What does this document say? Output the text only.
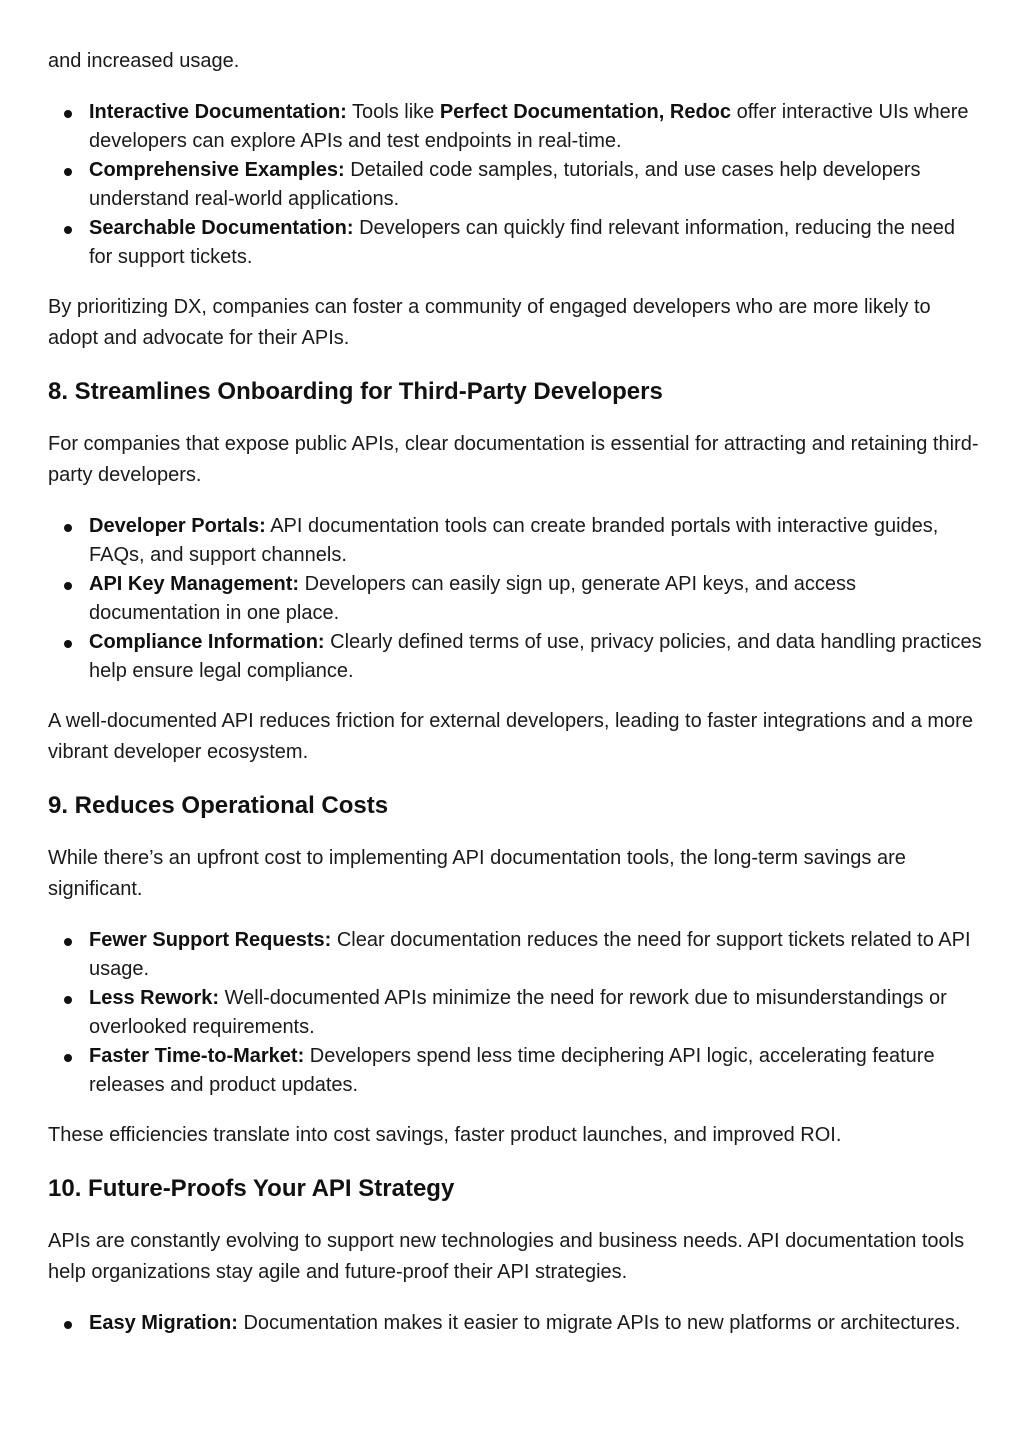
and increased usage.

Interactive Documentation: Tools like Perfect Documentation, Redoc offer interactive UIs where developers can explore APIs and test endpoints in real-time.
Comprehensive Examples: Detailed code samples, tutorials, and use cases help developers understand real-world applications.
Searchable Documentation: Developers can quickly find relevant information, reducing the need for support tickets.

By prioritizing DX, companies can foster a community of engaged developers who are more likely to adopt and advocate for their APIs.

8. Streamlines Onboarding for Third-Party Developers

For companies that expose public APIs, clear documentation is essential for attracting and retaining third-party developers.

Developer Portals: API documentation tools can create branded portals with interactive guides, FAQs, and support channels.
API Key Management: Developers can easily sign up, generate API keys, and access documentation in one place.
Compliance Information: Clearly defined terms of use, privacy policies, and data handling practices help ensure legal compliance.

A well-documented API reduces friction for external developers, leading to faster integrations and a more vibrant developer ecosystem.

9. Reduces Operational Costs

While there’s an upfront cost to implementing API documentation tools, the long-term savings are significant.

Fewer Support Requests: Clear documentation reduces the need for support tickets related to API usage.
Less Rework: Well-documented APIs minimize the need for rework due to misunderstandings or overlooked requirements.
Faster Time-to-Market: Developers spend less time deciphering API logic, accelerating feature releases and product updates.

These efficiencies translate into cost savings, faster product launches, and improved ROI.

10. Future-Proofs Your API Strategy

APIs are constantly evolving to support new technologies and business needs. API documentation tools help organizations stay agile and future-proof their API strategies.

Easy Migration: Documentation makes it easier to migrate APIs to new platforms or architectures.
